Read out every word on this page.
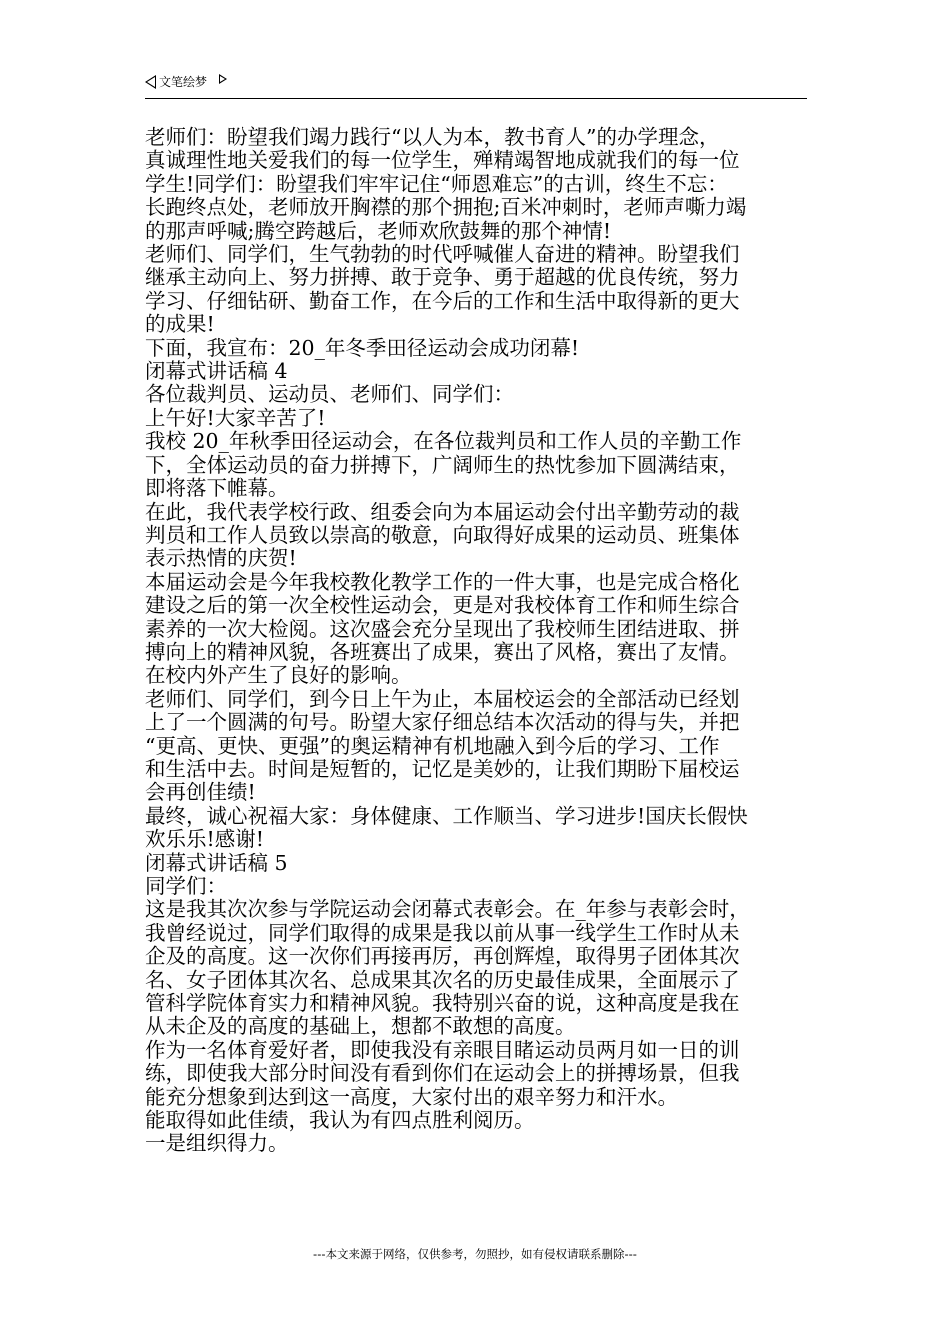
文笔绘梦

老师们：盼望我们竭力践行“以人为本，教书育人”的办学理念，
真诚理性地关爱我们的每一位学生，殚精竭智地成就我们的每一位
学生!同学们：盼望我们牢牢记住“师恩难忘”的古训，终生不忘：
长跑终点处，老师放开胸襟的那个拥抱;百米冲刺时，老师声嘶力竭
的那声呼喊;腾空跨越后，老师欢欣鼓舞的那个神情!

老师们、同学们，生气勃勃的时代呼喊催人奋进的精神。盼望我们
继承主动向上、努力拼搏、敢于竞争、勇于超越的优良传统，努力
学习、仔细钻研、勤奋工作，在今后的工作和生活中取得新的更大
的成果!

下面，我宣布：20_年冬季田径运动会成功闭幕!

闭幕式讲话稿 4

各位裁判员、运动员、老师们、同学们：

上午好!大家辛苦了!

我校 20_年秋季田径运动会，在各位裁判员和工作人员的辛勤工作
下，全体运动员的奋力拼搏下，广阔师生的热忱参加下圆满结束，
即将落下帷幕。

在此，我代表学校行政、组委会向为本届运动会付出辛勤劳动的裁
判员和工作人员致以崇高的敬意，向取得好成果的运动员、班集体
表示热情的庆贺!

本届运动会是今年我校教化教学工作的一件大事，也是完成合格化
建设之后的第一次全校性运动会，更是对我校体育工作和师生综合
素养的一次大检阅。这次盛会充分呈现出了我校师生团结进取、拼
搏向上的精神风貌，各班赛出了成果，赛出了风格，赛出了友情。
在校内外产生了良好的影响。

老师们、同学们，到今日上午为止，本届校运会的全部活动已经划
上了一个圆满的句号。盼望大家仔细总结本次活动的得与失，并把
“更高、更快、更强”的奥运精神有机地融入到今后的学习、工作
和生活中去。时间是短暂的，记忆是美妙的，让我们期盼下届校运
会再创佳绩!

最终，诚心祝福大家：身体健康、工作顺当、学习进步!国庆长假快
欢乐乐!感谢!

闭幕式讲话稿 5

同学们：

这是我其次次参与学院运动会闭幕式表彰会。在_年参与表彰会时，
我曾经说过，同学们取得的成果是我以前从事一线学生工作时从未
企及的高度。这一次你们再接再厉，再创辉煌，取得男子团体其次
名、女子团体其次名、总成果其次名的历史最佳成果，全面展示了
管科学院体育实力和精神风貌。我特别兴奋的说，这种高度是我在
从未企及的高度的基础上，想都不敢想的高度。

作为一名体育爱好者，即使我没有亲眼目睹运动员两月如一日的训
练，即使我大部分时间没有看到你们在运动会上的拼搏场景，但我
能充分想象到达到这一高度，大家付出的艰辛努力和汗水。

能取得如此佳绩，我认为有四点胜利阅历。

一是组织得力。

---本文来源于网络，仅供参考，勿照抄，如有侵权请联系删除---
